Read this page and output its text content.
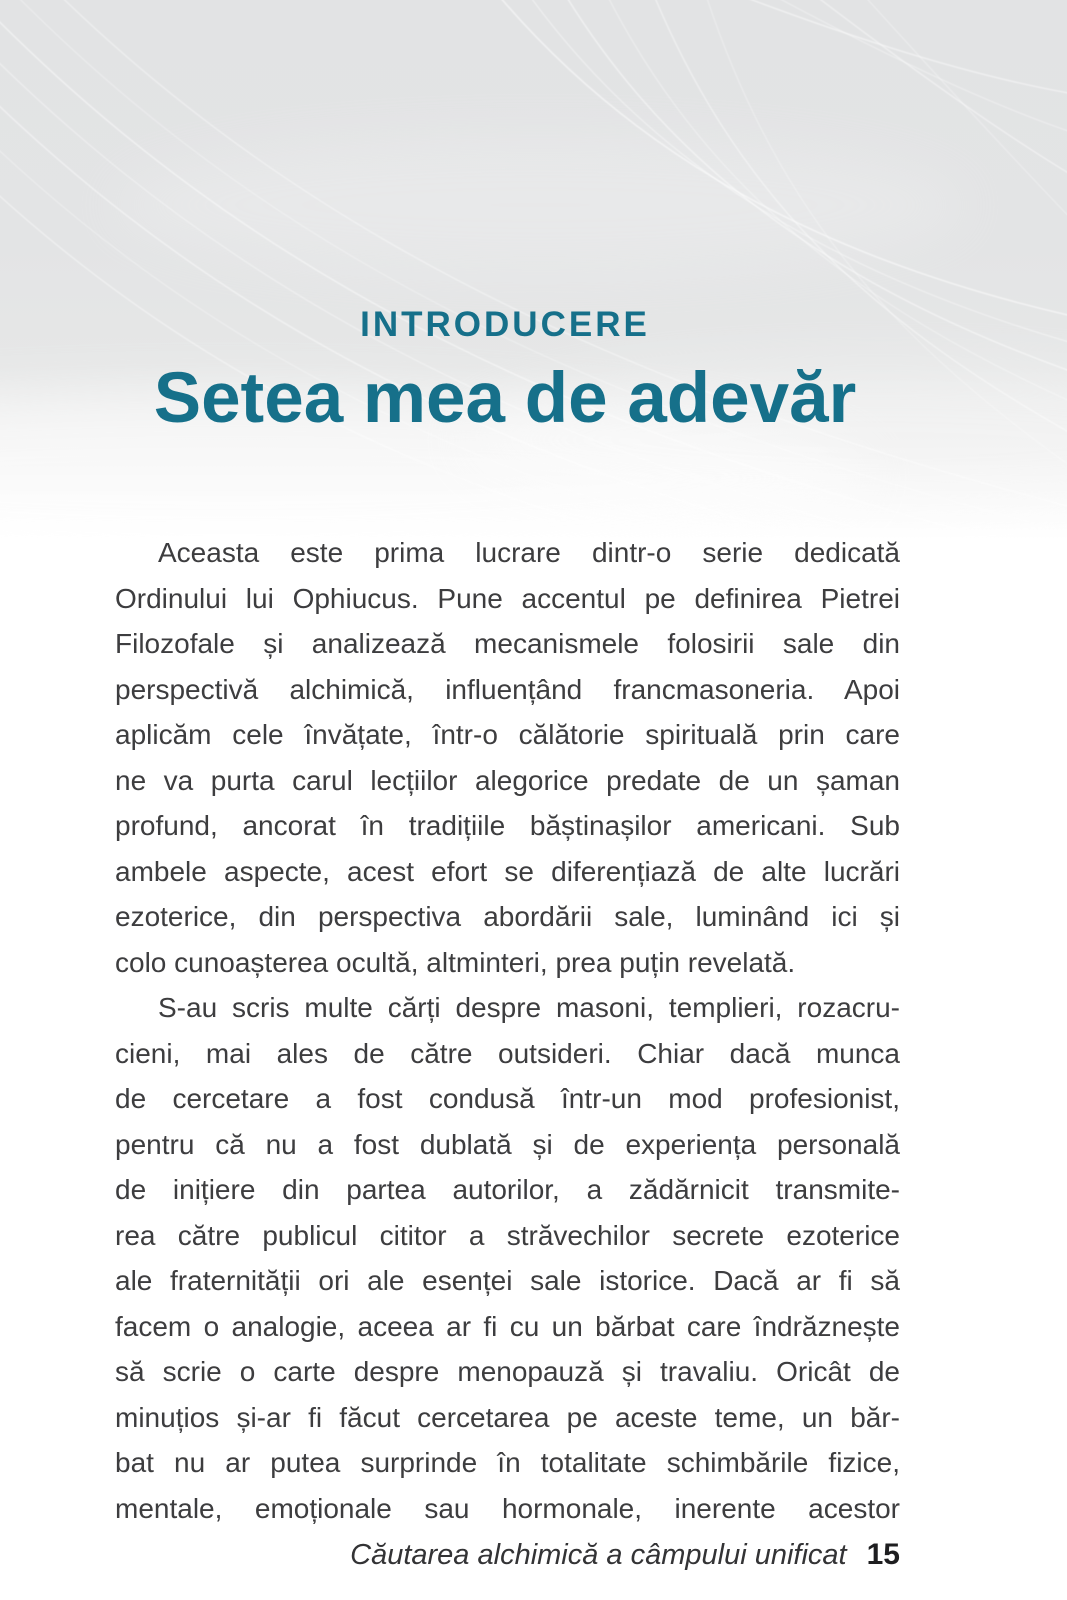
INTRODUCERE
Setea mea de adevăr
Aceasta este prima lucrare dintr-o serie dedicată
Ordinului lui Ophiucus. Pune accentul pe definirea Pietrei
Filozofale și analizează mecanismele folosirii sale din
perspectivă alchimică, influențând francmasoneria. Apoi
aplicăm cele învățate, într-o călătorie spirituală prin care
ne va purta carul lecțiilor alegorice predate de un șaman
profund, ancorat în tradițiile băștinașilor americani. Sub
ambele aspecte, acest efort se diferențiază de alte lucrări
ezoterice, din perspectiva abordării sale, luminând ici și
colo cunoașterea ocultă, altminteri, prea puțin revelată.
S-au scris multe cărți despre masoni, templieri, rozacru-
cieni, mai ales de către outsideri. Chiar dacă munca
de cercetare a fost condusă într-un mod profesionist,
pentru că nu a fost dublată și de experiența personală
de inițiere din partea autorilor, a zădărnicit transmite-
rea către publicul cititor a străvechilor secrete ezoterice
ale fraternității ori ale esenței sale istorice. Dacă ar fi să
facem o analogie, aceea ar fi cu un bărbat care îndrăznește
să scrie o carte despre menopauză și travaliu. Oricât de
minuțios și-ar fi făcut cercetarea pe aceste teme, un băr-
bat nu ar putea surprinde în totalitate schimbările fizice,
mentale, emoționale sau hormonale, inerente acestor
Căutarea alchimică a câmpului unificat 15
